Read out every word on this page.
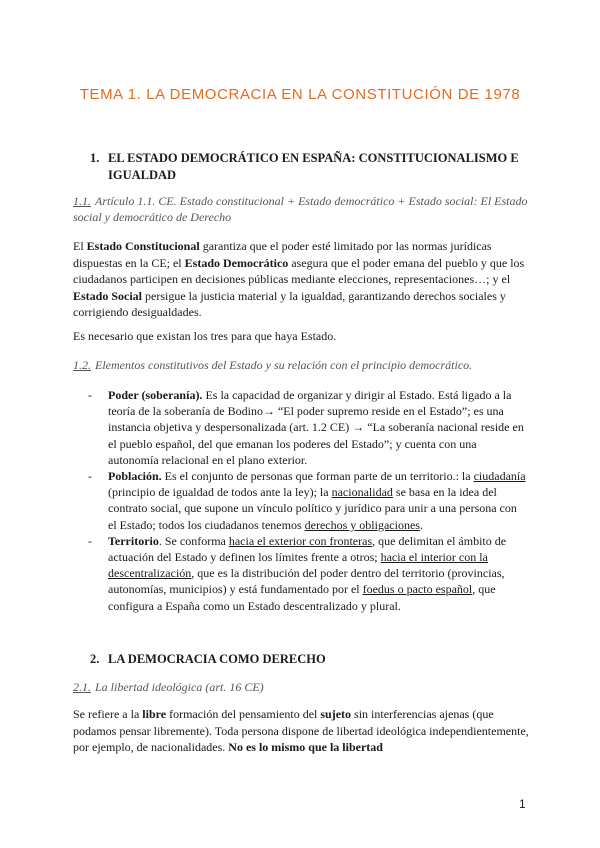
TEMA 1. LA DEMOCRACIA EN LA CONSTITUCIÓN DE 1978
1. EL ESTADO DEMOCRÁTICO EN ESPAÑA: CONSTITUCIONALISMO E IGUALDAD

1.1. Artículo 1.1. CE. Estado constitucional + Estado democrático + Estado social: El Estado social y democrático de Derecho

El Estado Constitucional garantiza que el poder esté limitado por las normas jurídicas dispuestas en la CE; el Estado Democrático asegura que el poder emana del pueblo y que los ciudadanos participen en decisiones públicas mediante elecciones, representaciones…; y el Estado Social persigue la justicia material y la igualdad, garantizando derechos sociales y corrigiendo desigualdades.

Es necesario que existan los tres para que haya Estado.

1.2. Elementos constitutivos del Estado y su relación con el principio democrático.

- Poder (soberanía). Es la capacidad de organizar y dirigir al Estado. Está ligado a la teoría de la soberanía de Bodino→ “El poder supremo reside en el Estado”; es una instancia objetiva y despersonalizada (art. 1.2 CE) → “La soberanía nacional reside en el pueblo español, del que emanan los poderes del Estado”; y cuenta con una autonomía relacional en el plano exterior.
- Población. Es el conjunto de personas que forman parte de un territorio.: la ciudadanía (principio de igualdad de todos ante la ley); la nacionalidad se basa en la idea del contrato social, que supone un vínculo político y jurídico para unir a una persona con el Estado; todos los ciudadanos tenemos derechos y obligaciones.
- Territorio. Se conforma hacia el exterior con fronteras, que delimitan el ámbito de actuación del Estado y definen los límites frente a otros; hacia el interior con la descentralización, que es la distribución del poder dentro del territorio (provincias, autonomías, municipios) y está fundamentado por el foedus o pacto español, que configura a España como un Estado descentralizado y plural.
2. LA DEMOCRACIA COMO DERECHO

2.1. La libertad ideológica (art. 16 CE)

Se refiere a la libre formación del pensamiento del sujeto sin interferencias ajenas (que podamos pensar libremente). Toda persona dispone de libertad ideológica independientemente, por ejemplo, de nacionalidades. No es lo mismo que la libertad

1
